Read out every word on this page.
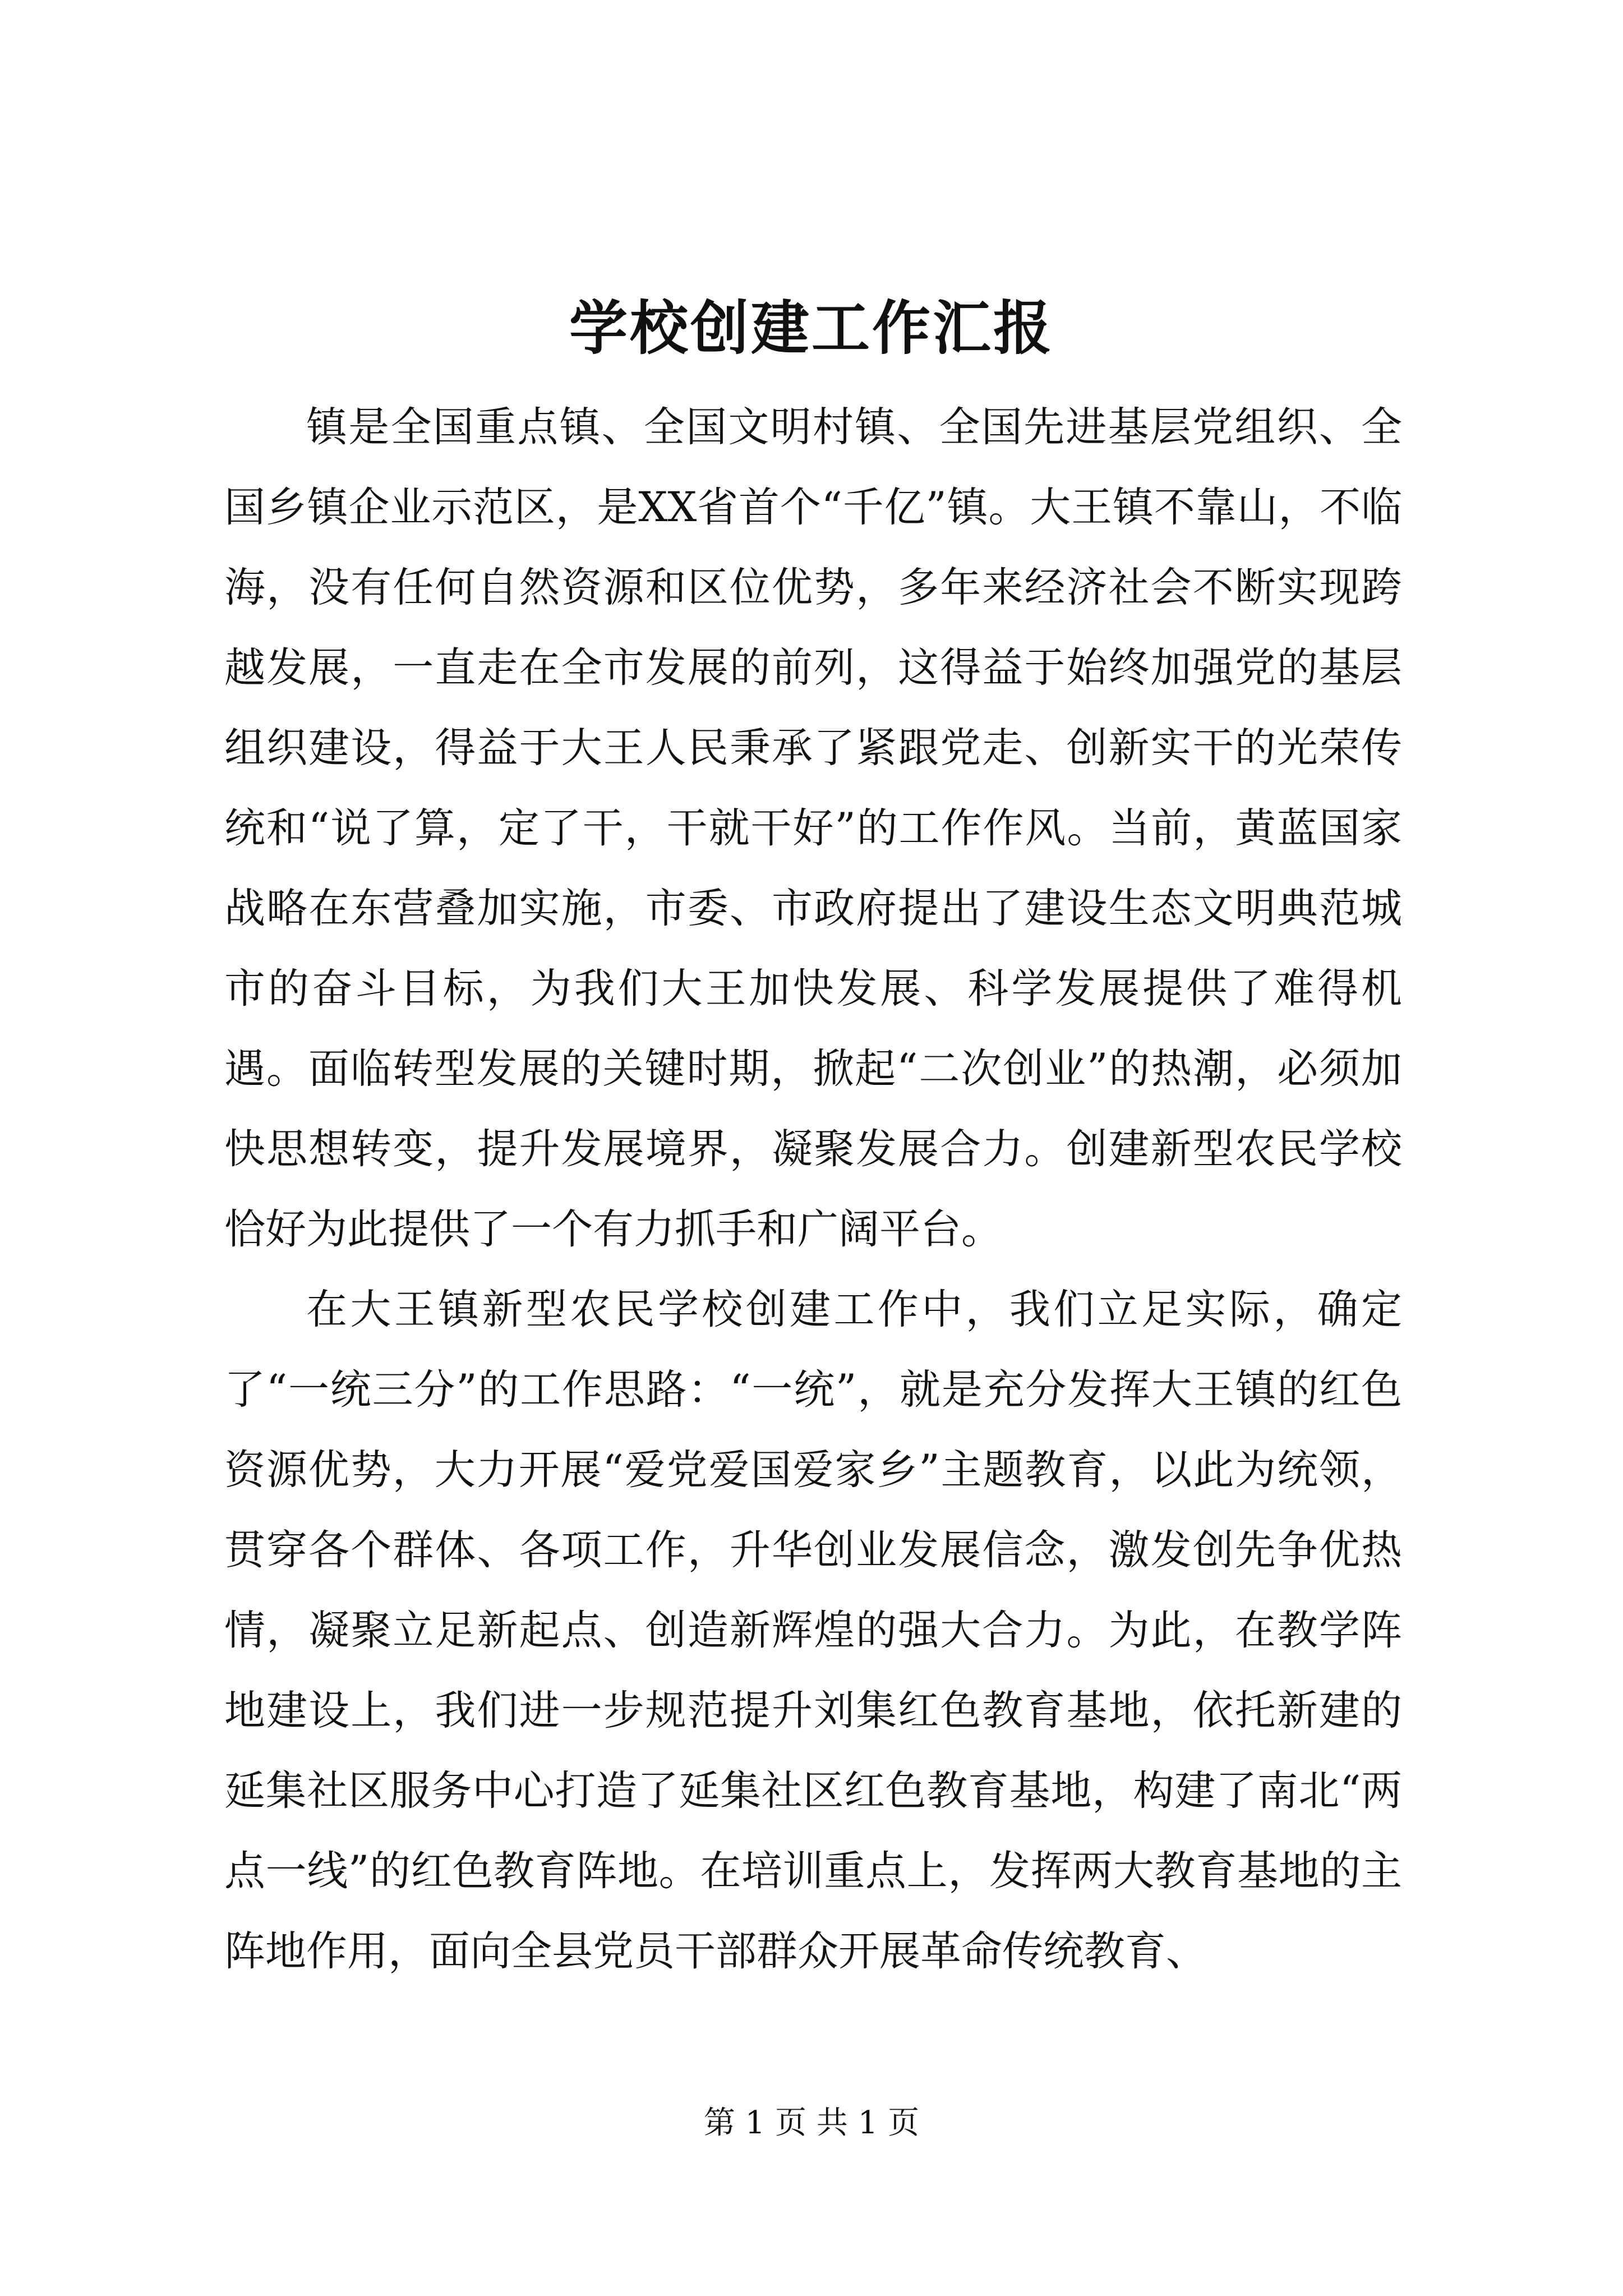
学校创建工作汇报

镇是全国重点镇、全国文明村镇、全国先进基层党组织、全国乡镇企业示范区，是XX省首个“千亿”镇。大王镇不靠山，不临海，没有任何自然资源和区位优势，多年来经济社会不断实现跨越发展，一直走在全市发展的前列，这得益于始终加强党的基层组织建设，得益于大王人民秉承了紧跟党走、创新实干的光荣传统和“说了算，定了干，干就干好”的工作作风。当前，黄蓝国家战略在东营叠加实施，市委、市政府提出了建设生态文明典范城市的奋斗目标，为我们大王加快发展、科学发展提供了难得机遇。面临转型发展的关键时期，掀起“二次创业”的热潮，必须加快思想转变，提升发展境界，凝聚发展合力。创建新型农民学校恰好为此提供了一个有力抓手和广阔平台。

在大王镇新型农民学校创建工作中，我们立足实际，确定了“一统三分”的工作思路：“一统”，就是充分发挥大王镇的红色资源优势，大力开展“爱党爱国爱家乡”主题教育，以此为统领，贯穿各个群体、各项工作，升华创业发展信念，激发创先争优热情，凝聚立足新起点、创造新辉煌的强大合力。为此，在教学阵地建设上，我们进一步规范提升刘集红色教育基地，依托新建的延集社区服务中心打造了延集社区红色教育基地，构建了南北“两点一线”的红色教育阵地。在培训重点上，发挥两大教育基地的主阵地作用，面向全县党员干部群众开展革命传统教育、

第 1 页 共 1 页
